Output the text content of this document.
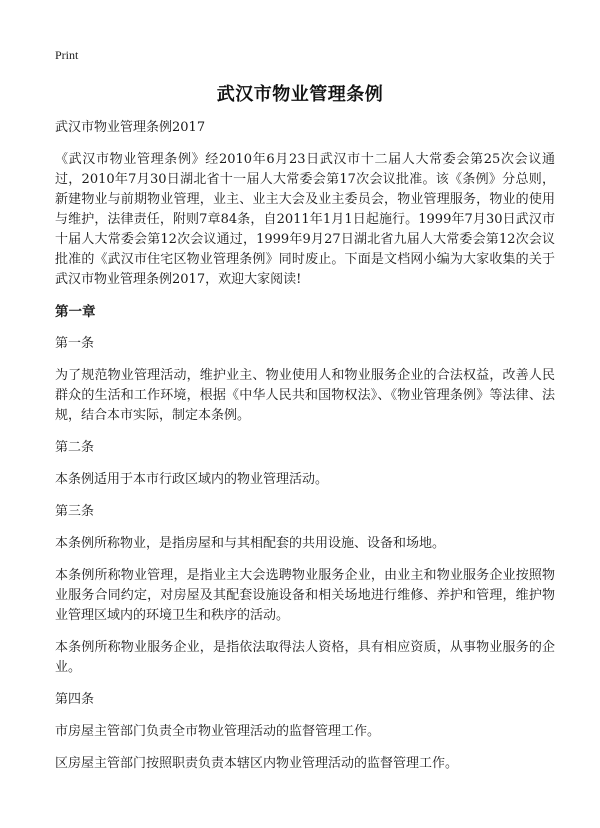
Print
武汉市物业管理条例

武汉市物业管理条例2017

《武汉市物业管理条例》经2010年6月23日武汉市十二届人大常委会第25次会议通过，2010年7月30日湖北省十一届人大常委会第17次会议批准。该《条例》分总则，新建物业与前期物业管理，业主、业主大会及业主委员会，物业管理服务，物业的使用与维护，法律责任，附则7章84条，自2011年1月1日起施行。1999年7月30日武汉市十届人大常委会第12次会议通过，1999年9月27日湖北省九届人大常委会第12次会议批准的《武汉市住宅区物业管理条例》同时废止。下面是文档网小编为大家收集的关于武汉市物业管理条例2017，欢迎大家阅读!

第一章

第一条

为了规范物业管理活动，维护业主、物业使用人和物业服务企业的合法权益，改善人民群众的生活和工作环境，根据《中华人民共和国物权法》、《物业管理条例》等法律、法规，结合本市实际，制定本条例。

第二条

本条例适用于本市行政区域内的物业管理活动。

第三条

本条例所称物业，是指房屋和与其相配套的共用设施、设备和场地。

本条例所称物业管理，是指业主大会选聘物业服务企业，由业主和物业服务企业按照物业服务合同约定，对房屋及其配套设施设备和相关场地进行维修、养护和管理，维护物业管理区域内的环境卫生和秩序的活动。

本条例所称物业服务企业，是指依法取得法人资格，具有相应资质，从事物业服务的企业。

第四条

市房屋主管部门负责全市物业管理活动的监督管理工作。

区房屋主管部门按照职责负责本辖区内物业管理活动的监督管理工作。
